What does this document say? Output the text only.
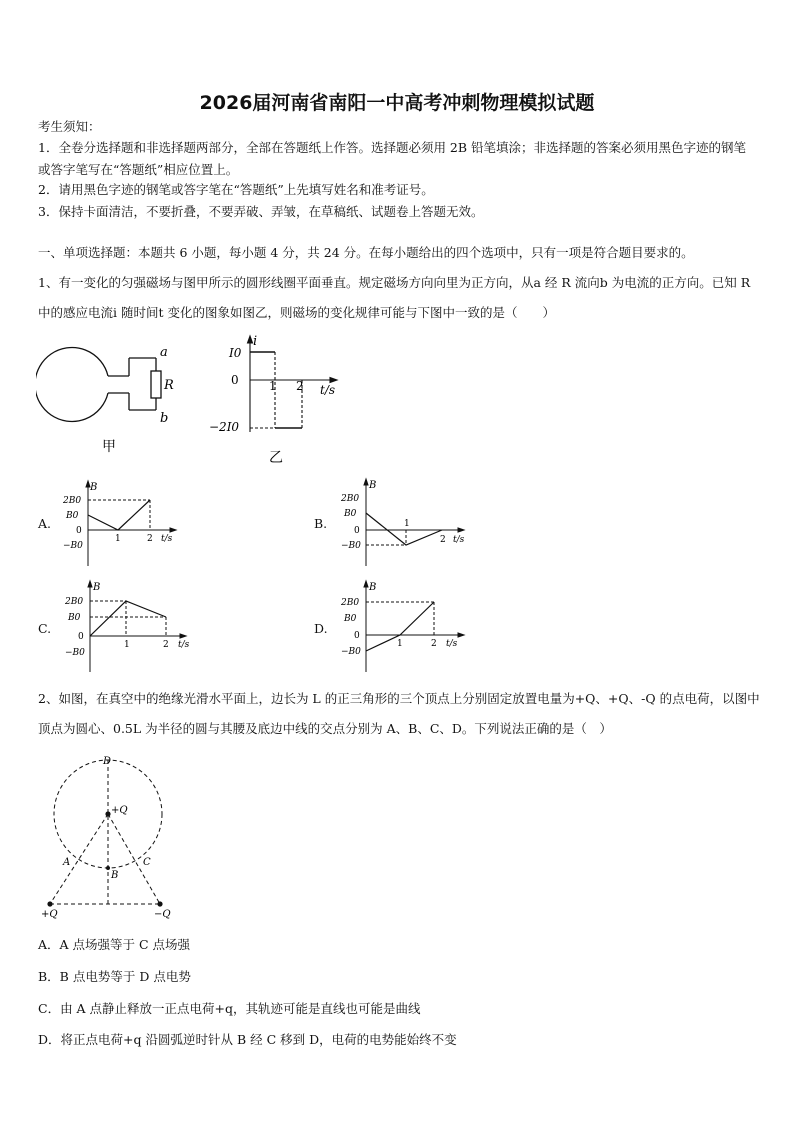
2026届河南省南阳一中高考冲刺物理模拟试题
考生须知：
1．全卷分选择题和非选择题两部分，全部在答题纸上作答。选择题必须用 2B 铅笔填涂；非选择题的答案必须用黑色字迹的钢笔或答字笔写在“答题纸”相应位置上。
2．请用黑色字迹的钢笔或答字笔在“答题纸”上先填写姓名和准考证号。
3．保持卡面清洁，不要折叠，不要弄破、弄皱，在草稿纸、试题卷上答题无效。
一、单项选择题：本题共 6 小题，每小题 4 分，共 24 分。在每小题给出的四个选项中，只有一项是符合题目要求的。
1、有一变化的匀强磁场与图甲所示的圆形线圈平面垂直。规定磁场方向向里为正方向，从a 经 R 流向b 为电流的正方向。已知 R 中的感应电流i 随时间t 变化的图象如图乙，则磁场的变化规律可能与下图中一致的是（　　）
a
R
b
甲
i
I0
0	1 2 t/s
−2I0
乙
A.
B
2B0
B0
0
−B0
1	2 t/s
B.
B
2B0
B0
0
−B0
1
2 t/s
C.
B
2B0
B0
0
−B0
1	2 t/s
D.
B
2B0
B0
0
−B0
1	2 t/s
2、如图，在真空中的绝缘光滑水平面上，边长为 L 的正三角形的三个顶点上分别固定放置电量为+Q、+Q、-Q 的点电荷，以图中顶点为圆心、0.5L 为半径的圆与其腰及底边中线的交点分别为 A、B、C、D。下列说法正确的是（　）
D
+Q
A	C
B
+Q	−Q
A．A 点场强等于 C 点场强
B．B 点电势等于 D 点电势
C．由 A 点静止释放一正点电荷+q，其轨迹可能是直线也可能是曲线
D．将正点电荷+q 沿圆弧逆时针从 B 经 C 移到 D，电荷的电势能始终不变
